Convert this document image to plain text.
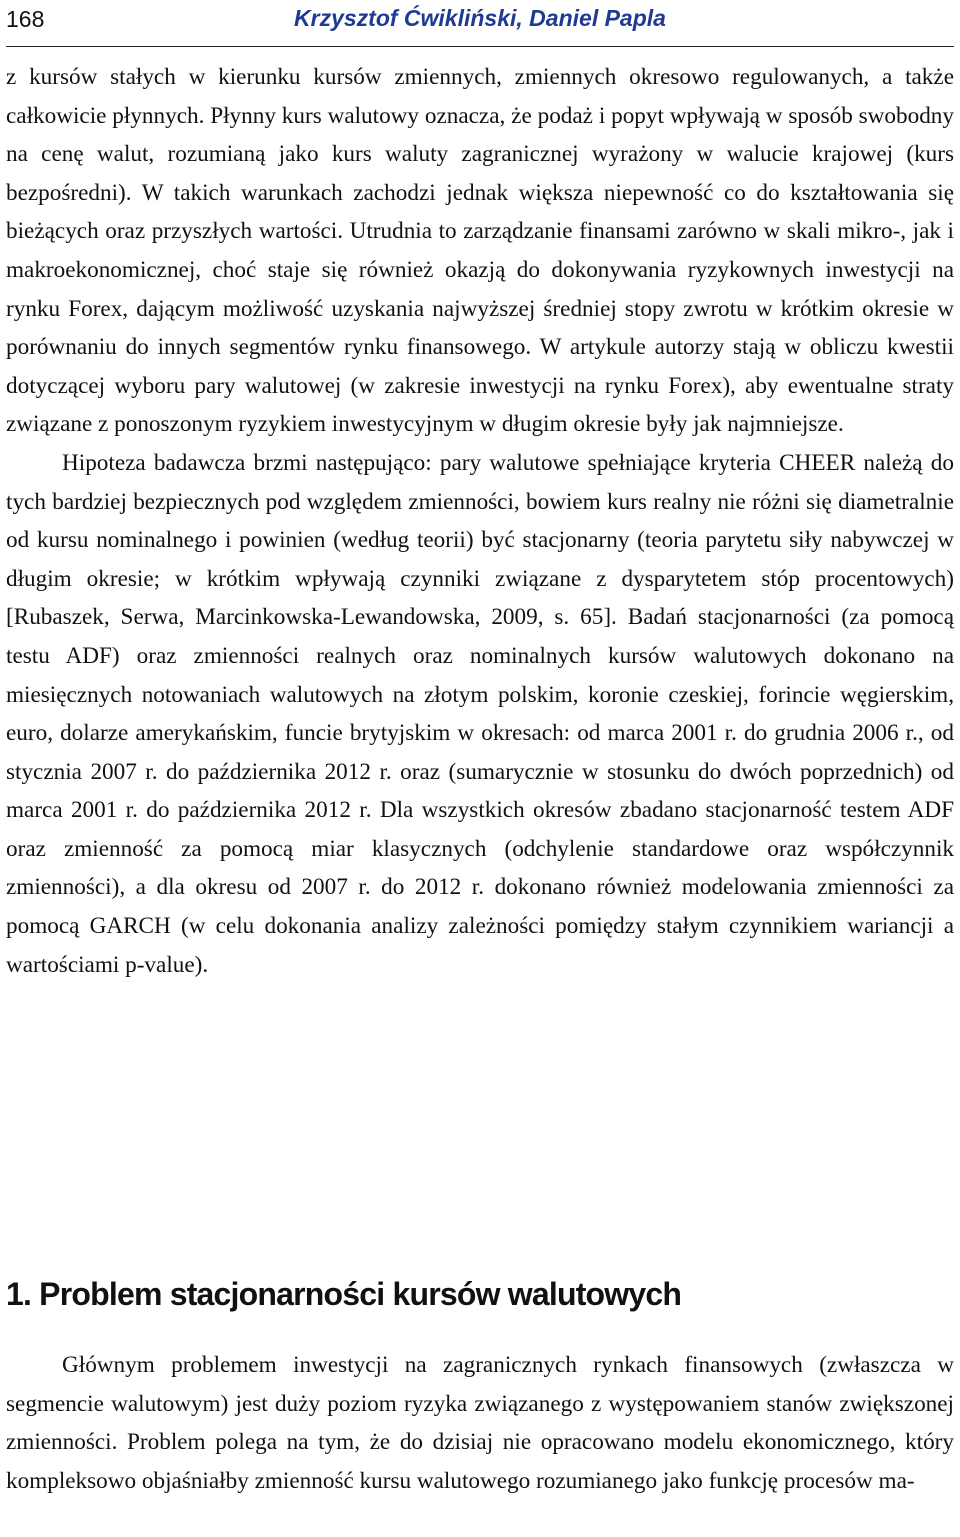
168	Krzysztof Ćwikliński, Daniel Papla

z kursów stałych w kierunku kursów zmiennych, zmiennych okresowo regulowanych, a także całkowicie płynnych. Płynny kurs walutowy oznacza, że podaż i popyt wpływają w sposób swobodny na cenę walut, rozumianą jako kurs waluty zagranicznej wyrażony w walucie krajowej (kurs bezpośredni). W takich warunkach zachodzi jednak większa niepewność co do kształtowania się bieżących oraz przyszłych wartości. Utrudnia to zarządzanie finansami zarówno w skali mikro-, jak i makroekonomicznej, choć staje się również okazją do dokonywania ryzykownych inwestycji na rynku Forex, dającym możliwość uzyskania najwyższej średniej stopy zwrotu w krótkim okresie w porównaniu do innych segmentów rynku finansowego. W artykule autorzy stają w obliczu kwestii dotyczącej wyboru pary walutowej (w zakresie inwestycji na rynku Forex), aby ewentualne straty związane z ponoszonym ryzykiem inwestycyjnym w długim okresie były jak najmniejsze.

Hipoteza badawcza brzmi następująco: pary walutowe spełniające kryteria CHEER należą do tych bardziej bezpiecznych pod względem zmienności, bowiem kurs realny nie różni się diametralnie od kursu nominalnego i powinien (według teorii) być stacjonarny (teoria parytetu siły nabywczej w długim okresie; w krótkim wpływają czynniki związane z dysparytetem stóp procentowych) [Rubaszek, Serwa, Marcinkowska-Lewandowska, 2009, s. 65]. Badań stacjonarności (za pomocą testu ADF) oraz zmienności realnych oraz nominalnych kursów walutowych dokonano na miesięcznych notowaniach walutowych na złotym polskim, koronie czeskiej, forincie węgierskim, euro, dolarze amerykańskim, funcie brytyjskim w okresach: od marca 2001 r. do grudnia 2006 r., od stycznia 2007 r. do października 2012 r. oraz (sumarycznie w stosunku do dwóch poprzednich) od marca 2001 r. do października 2012 r. Dla wszystkich okresów zbadano stacjonarność testem ADF oraz zmienność za pomocą miar klasycznych (odchylenie standardowe oraz współczynnik zmienności), a dla okresu od 2007 r. do 2012 r. dokonano również modelowania zmienności za pomocą GARCH (w celu dokonania analizy zależności pomiędzy stałym czynnikiem wariancji a wartościami p-value).

1. Problem stacjonarności kursów walutowych

Głównym problemem inwestycji na zagranicznych rynkach finansowych (zwłaszcza w segmencie walutowym) jest duży poziom ryzyka związanego z występowaniem stanów zwiększonej zmienności. Problem polega na tym, że do dzisiaj nie opracowano modelu ekonomicznego, który kompleksowo objaśniałby zmienność kursu walutowego rozumianego jako funkcję procesów ma-
